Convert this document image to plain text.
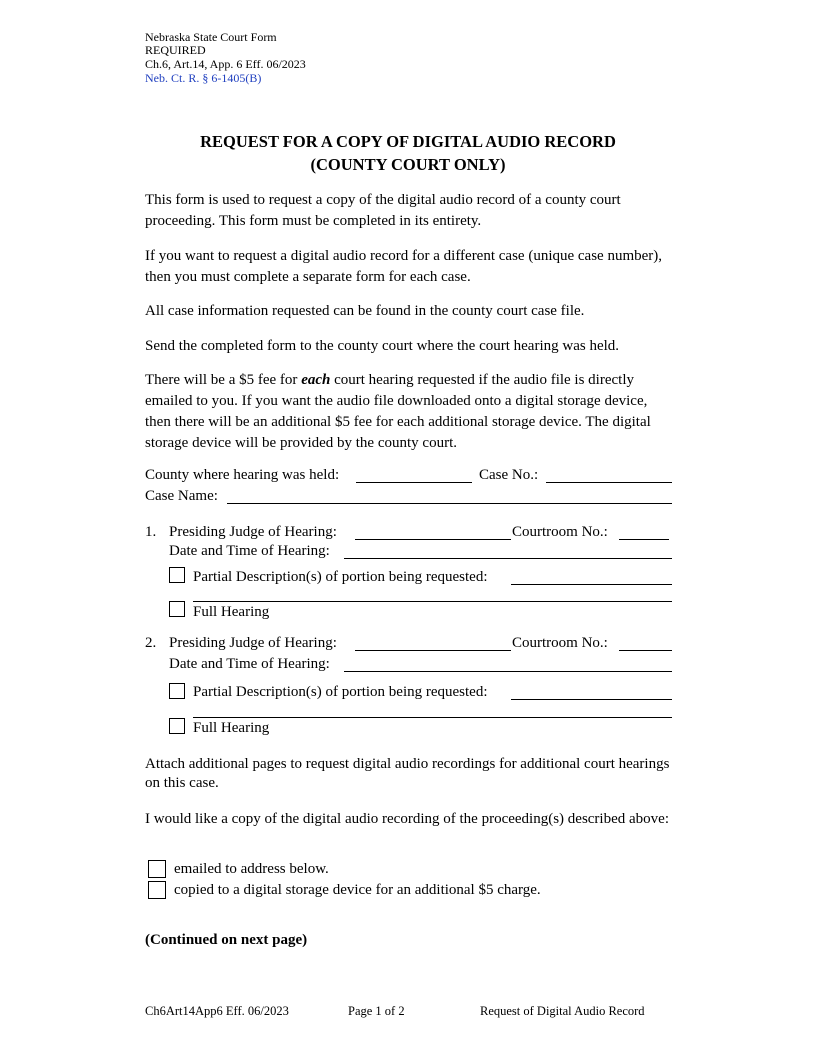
Nebraska State Court Form
REQUIRED
Ch.6, Art.14, App. 6 Eff. 06/2023
Neb. Ct. R. § 6-1405(B)
REQUEST FOR A COPY OF DIGITAL AUDIO RECORD
(COUNTY COURT ONLY)
This form is used to request a copy of the digital audio record of a county court proceeding. This form must be completed in its entirety.
If you want to request a digital audio record for a different case (unique case number), then you must complete a separate form for each case.
All case information requested can be found in the county court case file.
Send the completed form to the county court where the court hearing was held.
There will be a $5 fee for each court hearing requested if the audio file is directly emailed to you. If you want the audio file downloaded onto a digital storage device, then there will be an additional $5 fee for each additional storage device. The digital storage device will be provided by the county court.
County where hearing was held:	Case No.:
Case Name:
1. Presiding Judge of Hearing:	Courtroom No.:
Date and Time of Hearing:
Partial Description(s) of portion being requested:
Full Hearing
2. Presiding Judge of Hearing:	Courtroom No.:
Date and Time of Hearing:
Partial Description(s) of portion being requested:
Full Hearing
Attach additional pages to request digital audio recordings for additional court hearings on this case.
I would like a copy of the digital audio recording of the proceeding(s) described above:
emailed to address below.
copied to a digital storage device for an additional $5 charge.
(Continued on next page)
Ch6Art14App6 Eff. 06/2023	Page 1 of 2	Request of Digital Audio Record
